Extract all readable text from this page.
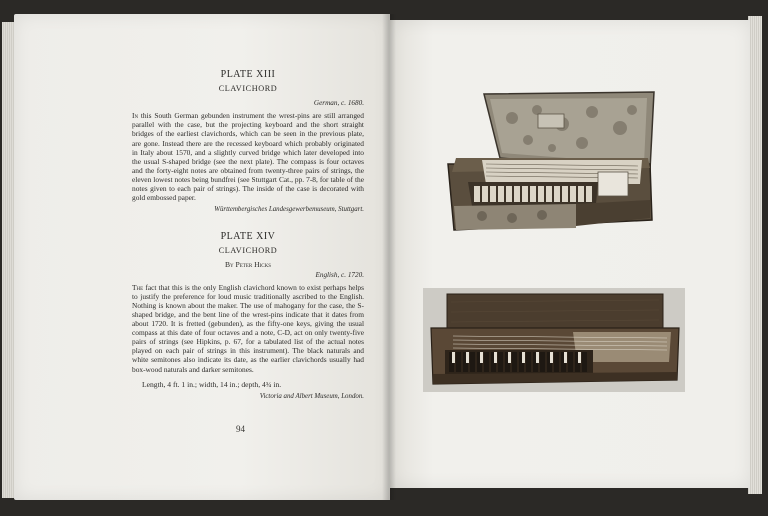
PLATE XIII

CLAVICHORD

German, c. 1680.

In this South German gebunden instrument the wrest-pins are still arranged parallel with the case, but the projecting keyboard and the short straight bridges of the earliest clavichords, which can be seen in the previous plate, are gone. Instead there are the recessed keyboard which probably originated in Italy about 1570, and a slightly curved bridge which later developed into the usual S-shaped bridge (see the next plate). The compass is four octaves and the forty-eight notes are obtained from twenty-three pairs of strings, the eleven lowest notes being bundfrei (see Stuttgart Cat., pp. 7-8, for table of the notes given to each pair of strings). The inside of the case is decorated with gold embossed paper.

Württembergisches Landesgewerbemuseum, Stuttgart.

PLATE XIV

CLAVICHORD

By Peter Hicks

English, c. 1720.

The fact that this is the only English clavichord known to exist perhaps helps to justify the preference for loud music traditionally ascribed to the English. Nothing is known about the maker. The use of mahogany for the case, the S-shaped bridge, and the bent line of the wrest-pins indicate that it dates from about 1720. It is fretted (gebunden), as the fifty-one keys, giving the usual compass at this date of four octaves and a note, C-D, act on only twenty-five pairs of strings (see Hipkins, p. 67, for a tabulated list of the actual notes played on each pair of strings in this instrument). The black naturals and white semitones also indicate its date, as the earlier clavichords usually had box-wood naturals and darker semitones.

Length, 4 ft. 1 in.; width, 14 in.; depth, 4¾ in.

Victoria and Albert Museum, London.

94
